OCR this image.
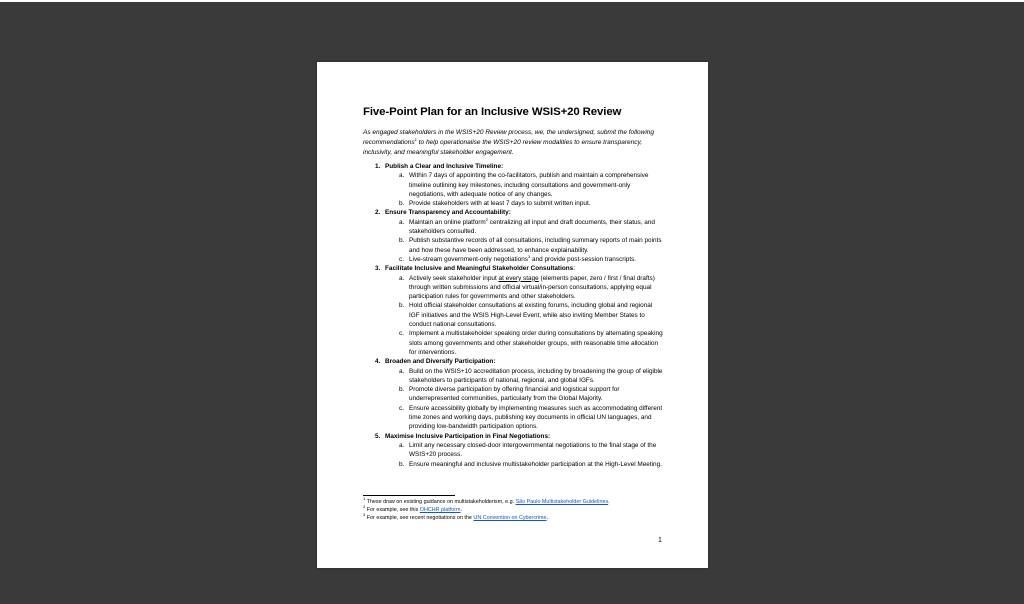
Five-Point Plan for an Inclusive WSIS+20 Review
As engaged stakeholders in the WSIS+20 Review process, we, the undersigned, submit the following recommendations$^1$ to help operationalise the WSIS+20 review modalities to ensure transparency, inclusivity, and meaningful stakeholder engagement.
1. Publish a Clear and Inclusive Timeline:
a. Within 7 days of appointing the co-facilitators, publish and maintain a comprehensive timeline outlining key milestones, including consultations and government-only negotiations, with adequate notice of any changes.
b. Provide stakeholders with at least 7 days to submit written input.
2. Ensure Transparency and Accountability:
a. Maintain an online platform$^2$ centralizing all input and draft documents, their status, and stakeholders consulted.
b. Publish substantive records of all consultations, including summary reports of main points and how these have been addressed, to enhance explainability.
c. Live-stream government-only negotiations$^3$ and provide post-session transcripts.
3. Facilitate Inclusive and Meaningful Stakeholder Consultations:
a. Actively seek stakeholder input at every stage (elements paper, zero / first / final drafts) through written submissions and official virtual/in-person consultations, applying equal participation rules for governments and other stakeholders.
b. Hold official stakeholder consultations at existing forums, including global and regional IGF initiatives and the WSIS High-Level Event, while also inviting Member States to conduct national consultations.
c. Implement a multistakeholder speaking order during consultations by alternating speaking slots among governments and other stakeholder groups, with reasonable time allocation for interventions.
4. Broaden and Diversify Participation:
a. Build on the WSIS+10 accreditation process, including by broadening the group of eligible stakeholders to participants of national, regional, and global IGFs.
b. Promote diverse participation by offering financial and logistical support for underrepresented communities, particularly from the Global Majority.
c. Ensure accessibility globally by implementing measures such as accommodating different time zones and working days, publishing key documents in official UN languages, and providing low-bandwidth participation options.
5. Maximise Inclusive Participation in Final Negotiations:
a. Limit any necessary closed-door intergovernmental negotiations to the final stage of the WSIS+20 process.
b. Ensure meaningful and inclusive multistakeholder participation at the High-Level Meeting.
$^1$ These draw on existing guidance on multistakeholderism, e.g. São Paulo Multistakeholder Guidelines.
$^2$ For example, see this OHCHR platform.
$^3$ For example, see recent negotiations on the UN Convention on Cybercrime.
1
